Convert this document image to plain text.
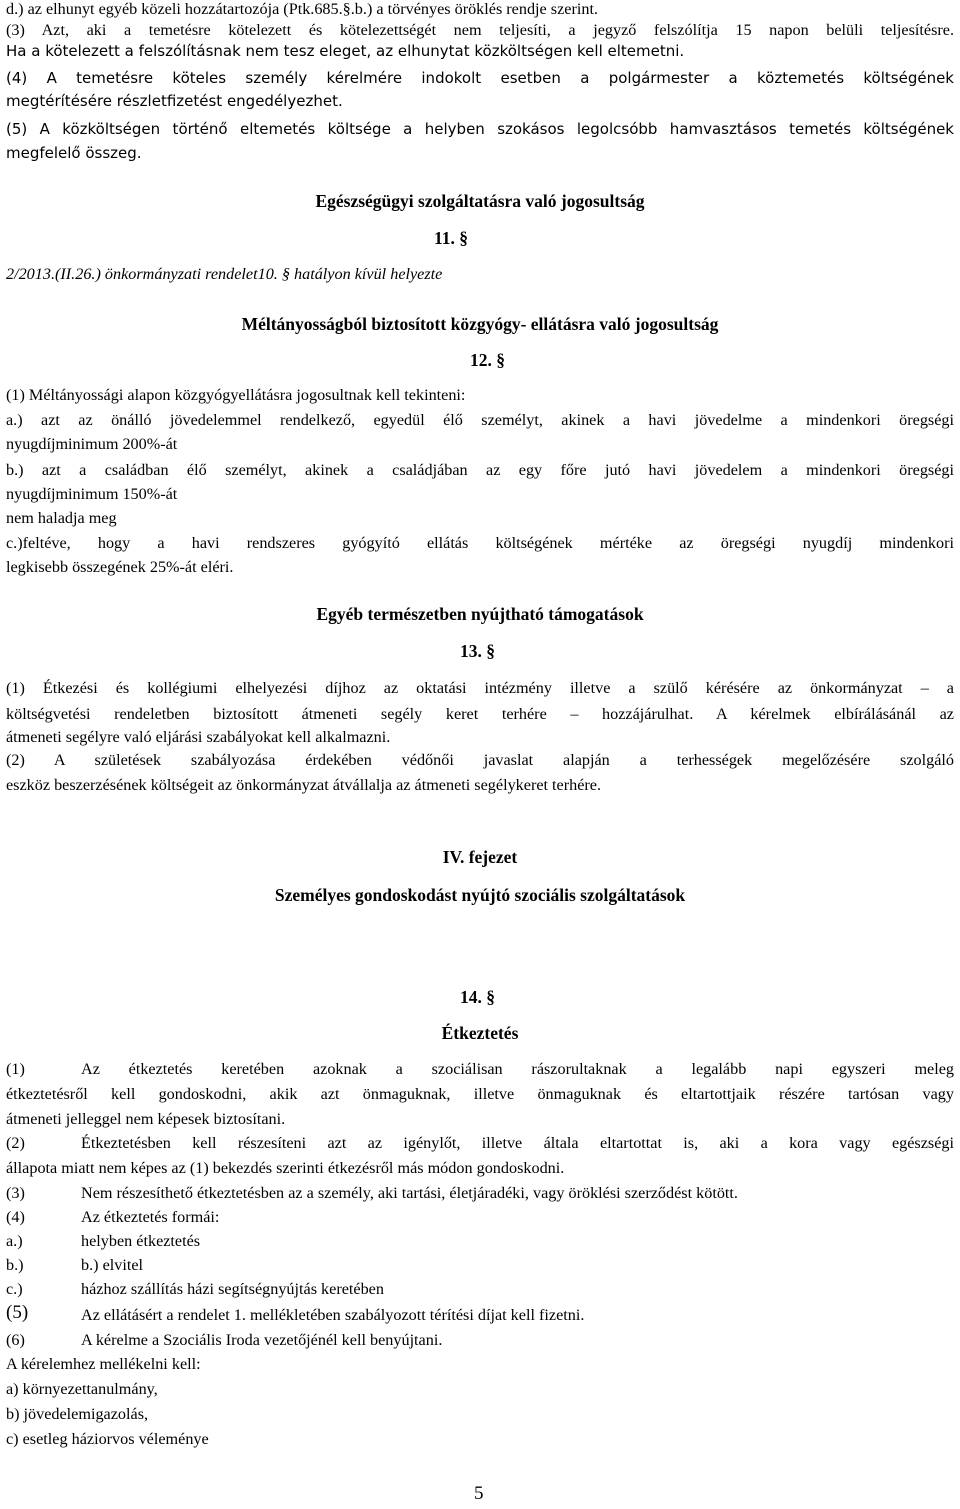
d.) az elhunyt egyéb közeli hozzátartozója (Ptk.685.§.b.) a törvényes öröklés rendje szerint.
(3) Azt, aki a temetésre kötelezett és kötelezettségét nem teljesíti, a jegyző felszólítja 15 napon belüli teljesítésre.
Ha a kötelezett a felszólításnak nem tesz eleget, az elhunytat közköltségen kell eltemetni.
(4) A temetésre köteles személy kérelmére indokolt esetben a polgármester a köztemetés költségének
megtérítésére részletfizetést engedélyezhet.
(5) A közköltségen történő eltemetés költsége a helyben szokásos legolcsóbb hamvasztásos temetés költségének
megfelelő összeg.
Egészségügyi szolgáltatásra való jogosultság
11. §
2/2013.(II.26.) önkormányzati rendelet10. § hatályon kívül helyezte
Méltányosságból biztosított közgyógy- ellátásra való jogosultság
12. §
(1) Méltányossági alapon közgyógyellátásra jogosultnak kell tekinteni:
a.) azt az önálló jövedelemmel rendelkező, egyedül élő személyt, akinek a havi jövedelme a mindenkori öregségi
nyugdíjminimum 200%-át
b.) azt a családban élő személyt, akinek a családjában az egy főre jutó havi jövedelem a mindenkori öregségi
nyugdíjminimum 150%-át
nem haladja meg
c.)feltéve, hogy a havi rendszeres gyógyító ellátás költségének mértéke az öregségi nyugdíj mindenkori
legkisebb összegének 25%-át eléri.
Egyéb természetben nyújtható támogatások
13. §
(1) Étkezési és kollégiumi elhelyezési díjhoz az oktatási intézmény illetve a szülő kérésére az önkormányzat – a
költségvetési rendeletben biztosított átmeneti segély keret terhére – hozzájárulhat. A kérelmek elbírálásánál az
átmeneti segélyre való eljárási szabályokat kell alkalmazni.
(2) A születések szabályozása érdekében védőnői javaslat alapján a terhességek megelőzésére szolgáló
eszköz beszerzésének költségeit az önkormányzat átvállalja az átmeneti segélykeret terhére.
IV. fejezet
Személyes gondoskodást nyújtó szociális szolgáltatások
14. §
Étkeztetés
(1)	Az étkeztetés keretében azoknak a szociálisan rászorultaknak a legalább napi egyszeri meleg
étkeztetésről kell gondoskodni, akik azt önmaguknak, illetve önmaguknak és eltartottjaik részére tartósan vagy
átmeneti jelleggel nem képesek biztosítani.
(2)	Étkeztetésben kell részesíteni azt az igénylőt, illetve általa eltartottat is, aki a kora vagy egészségi
állapota miatt nem képes az (1) bekezdés szerinti étkezésről más módon gondoskodni.
(3)	Nem részesíthető étkeztetésben az a személy, aki tartási, életjáradéki, vagy öröklési szerződést kötött.
(4)	Az étkeztetés formái:
a.)	helyben étkeztetés
b.)	b.) elvitel
c.)	házhoz szállítás házi segítségnyújtás keretében
(5)	Az ellátásért a rendelet 1. mellékletében szabályozott térítési díjat kell fizetni.
(6)	A kérelme a Szociális Iroda vezetőjénél kell benyújtani.
A kérelemhez mellékelni kell:
a) környezettanulmány,
b) jövedelemigazolás,
c) esetleg háziorvos véleménye
5
